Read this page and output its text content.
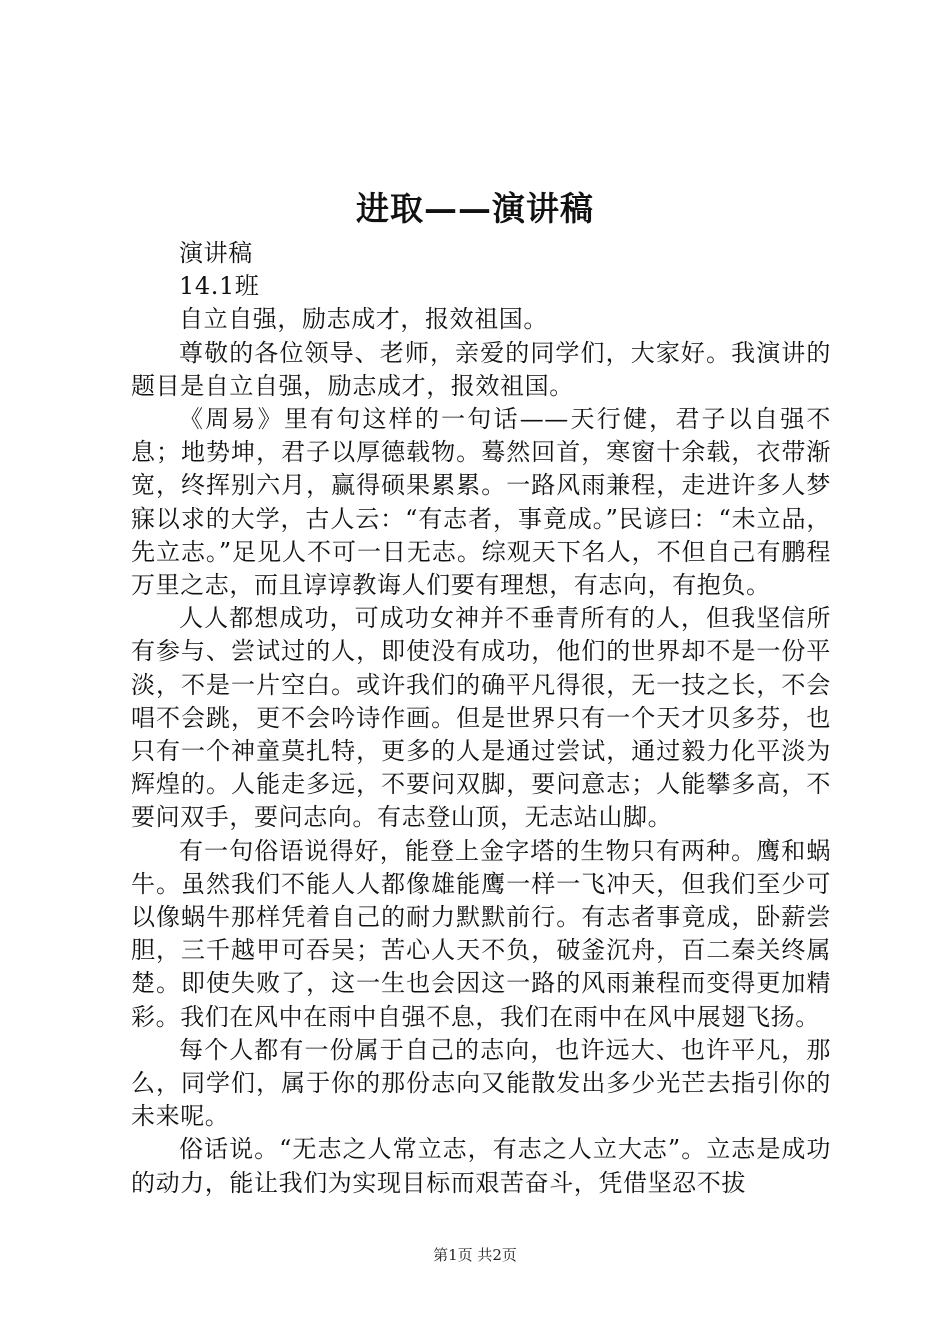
进取——演讲稿

演讲稿

14.1班

自立自强，励志成才，报效祖国。

尊敬的各位领导、老师，亲爱的同学们，大家好。我演讲的题目是自立自强，励志成才，报效祖国。

《周易》里有句这样的一句话——天行健，君子以自强不息；地势坤，君子以厚德载物。蓦然回首，寒窗十余载，衣带渐宽，终挥别六月，赢得硕果累累。一路风雨兼程，走进许多人梦寐以求的大学，古人云：“有志者，事竟成。”民谚曰：“未立品，先立志。”足见人不可一日无志。综观天下名人，不但自己有鹏程万里之志，而且谆谆教诲人们要有理想，有志向，有抱负。

人人都想成功，可成功女神并不垂青所有的人，但我坚信所有参与、尝试过的人，即使没有成功，他们的世界却不是一份平淡，不是一片空白。或许我们的确平凡得很，无一技之长，不会唱不会跳，更不会吟诗作画。但是世界只有一个天才贝多芬，也只有一个神童莫扎特，更多的人是通过尝试，通过毅力化平淡为辉煌的。人能走多远，不要问双脚，要问意志；人能攀多高，不要问双手，要问志向。有志登山顶，无志站山脚。

有一句俗语说得好，能登上金字塔的生物只有两种。鹰和蜗牛。虽然我们不能人人都像雄能鹰一样一飞冲天，但我们至少可以像蜗牛那样凭着自己的耐力默默前行。有志者事竟成，卧薪尝胆，三千越甲可吞吴；苦心人天不负，破釜沉舟，百二秦关终属楚。即使失败了，这一生也会因这一路的风雨兼程而变得更加精彩。我们在风中在雨中自强不息，我们在雨中在风中展翅飞扬。

每个人都有一份属于自己的志向，也许远大、也许平凡，那么，同学们，属于你的那份志向又能散发出多少光芒去指引你的未来呢。

俗话说。“无志之人常立志，有志之人立大志”。立志是成功的动力，能让我们为实现目标而艰苦奋斗，凭借坚忍不拔

第1页 共2页
